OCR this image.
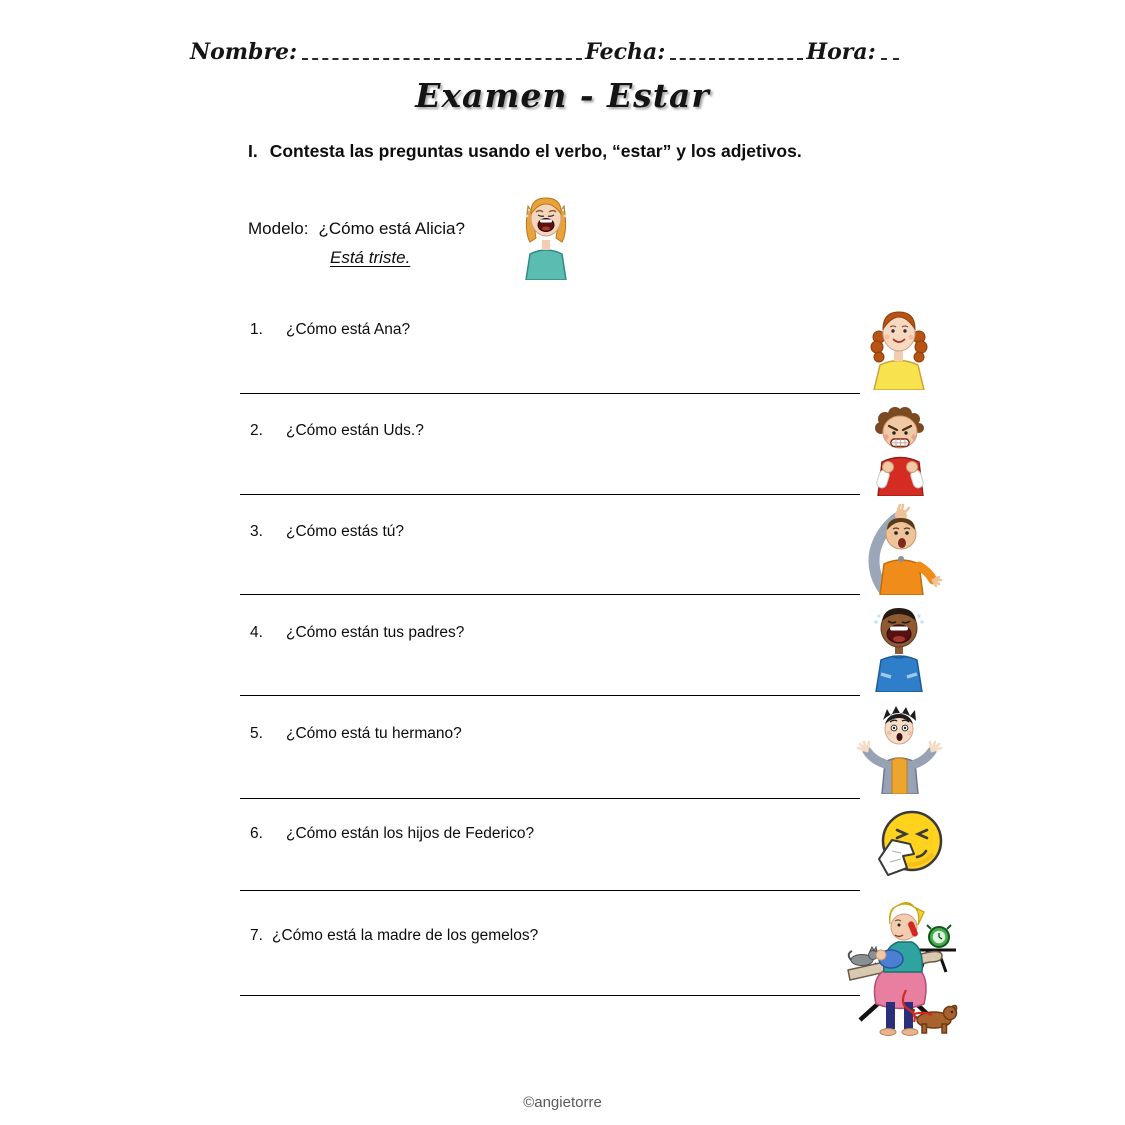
Nombre:	Fecha:	Hora:
Examen - Estar
I. Contesta las preguntas usando el verbo, “estar” y los adjetivos.
Modelo: ¿Cómo está Alicia?
Está triste.
1. ¿Cómo está Ana?
2. ¿Cómo están Uds.?
3. ¿Cómo estás tú?
4. ¿Cómo están tus padres?
5. ¿Cómo está tu hermano?
6. ¿Cómo están los hijos de Federico?
7. ¿Cómo está la madre de los gemelos?
©angietorre
